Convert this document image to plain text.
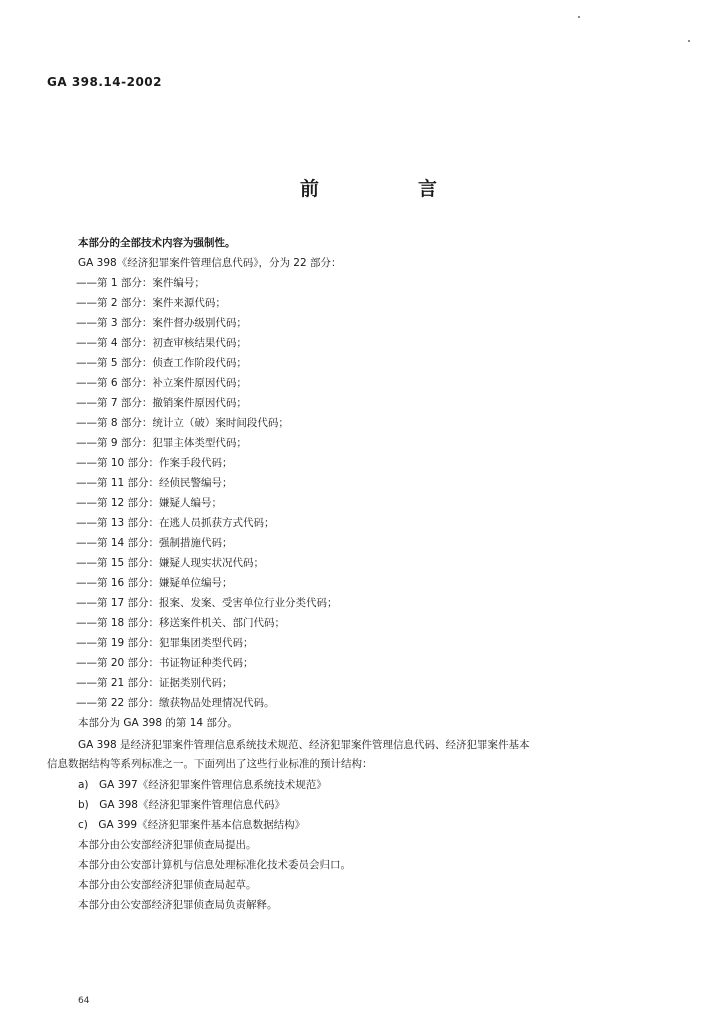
GA 398.14-2002
前　言
本部分的全部技术内容为强制性。
GA 398《经济犯罪案件管理信息代码》，分为 22 部分：
——第 1 部分：案件编号；
——第 2 部分：案件来源代码；
——第 3 部分：案件督办级别代码；
——第 4 部分：初查审核结果代码；
——第 5 部分：侦查工作阶段代码；
——第 6 部分：补立案件原因代码；
——第 7 部分：撤销案件原因代码；
——第 8 部分：统计立（破）案时间段代码；
——第 9 部分：犯罪主体类型代码；
——第 10 部分：作案手段代码；
——第 11 部分：经侦民警编号；
——第 12 部分：嫌疑人编号；
——第 13 部分：在逃人员抓获方式代码；
——第 14 部分：强制措施代码；
——第 15 部分：嫌疑人现实状况代码；
——第 16 部分：嫌疑单位编号；
——第 17 部分：报案、发案、受害单位行业分类代码；
——第 18 部分：移送案件机关、部门代码；
——第 19 部分：犯罪集团类型代码；
——第 20 部分：书证物证种类代码；
——第 21 部分：证据类别代码；
——第 22 部分：缴获物品处理情况代码。
本部分为 GA 398 的第 14 部分。
GA 398 是经济犯罪案件管理信息系统技术规范、经济犯罪案件管理信息代码、经济犯罪案件基本
信息数据结构等系列标准之一。下面列出了这些行业标准的预计结构：
a)　GA 397《经济犯罪案件管理信息系统技术规范》
b)　GA 398《经济犯罪案件管理信息代码》
c)　GA 399《经济犯罪案件基本信息数据结构》
本部分由公安部经济犯罪侦查局提出。
本部分由公安部计算机与信息处理标准化技术委员会归口。
本部分由公安部经济犯罪侦查局起草。
本部分由公安部经济犯罪侦查局负责解释。
64
